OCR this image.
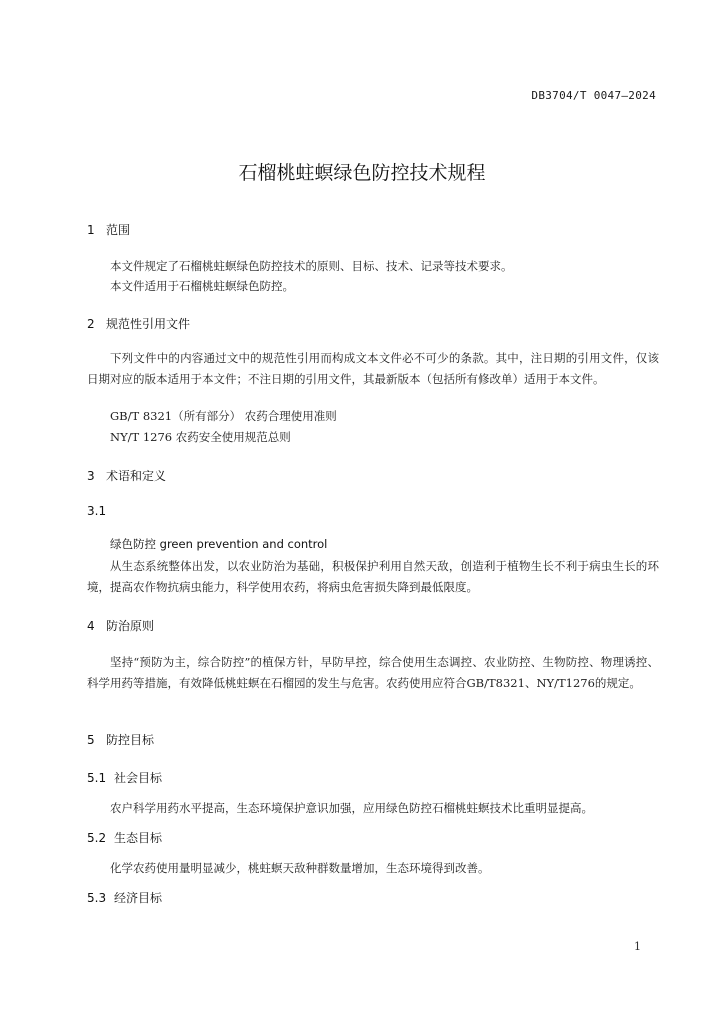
DB3704/T 0047—2024
石榴桃蛀螟绿色防控技术规程
1 范围
本文件规定了石榴桃蛀螟绿色防控技术的原则、目标、技术、记录等技术要求。
本文件适用于石榴桃蛀螟绿色防控。
2 规范性引用文件
下列文件中的内容通过文中的规范性引用而构成文本文件必不可少的条款。其中，注日期的引用文件，仅该日期对应的版本适用于本文件；不注日期的引用文件，其最新版本（包括所有修改单）适用于本文件。
GB/T 8321（所有部分） 农药合理使用准则
NY/T 1276 农药安全使用规范总则
3 术语和定义
3.1
绿色防控 green prevention and control
从生态系统整体出发，以农业防治为基础，积极保护利用自然天敌，创造利于植物生长不利于病虫生长的环境，提高农作物抗病虫能力，科学使用农药，将病虫危害损失降到最低限度。
4 防治原则
坚持“预防为主，综合防控”的植保方针，早防早控，综合使用生态调控、农业防控、生物防控、物理诱控、科学用药等措施，有效降低桃蛀螟在石榴园的发生与危害。农药使用应符合GB/T8321、NY/T1276的规定。
5 防控目标
5.1 社会目标
农户科学用药水平提高，生态环境保护意识加强，应用绿色防控石榴桃蛀螟技术比重明显提高。
5.2 生态目标
化学农药使用量明显减少，桃蛀螟天敌种群数量增加，生态环境得到改善。
5.3 经济目标
1
